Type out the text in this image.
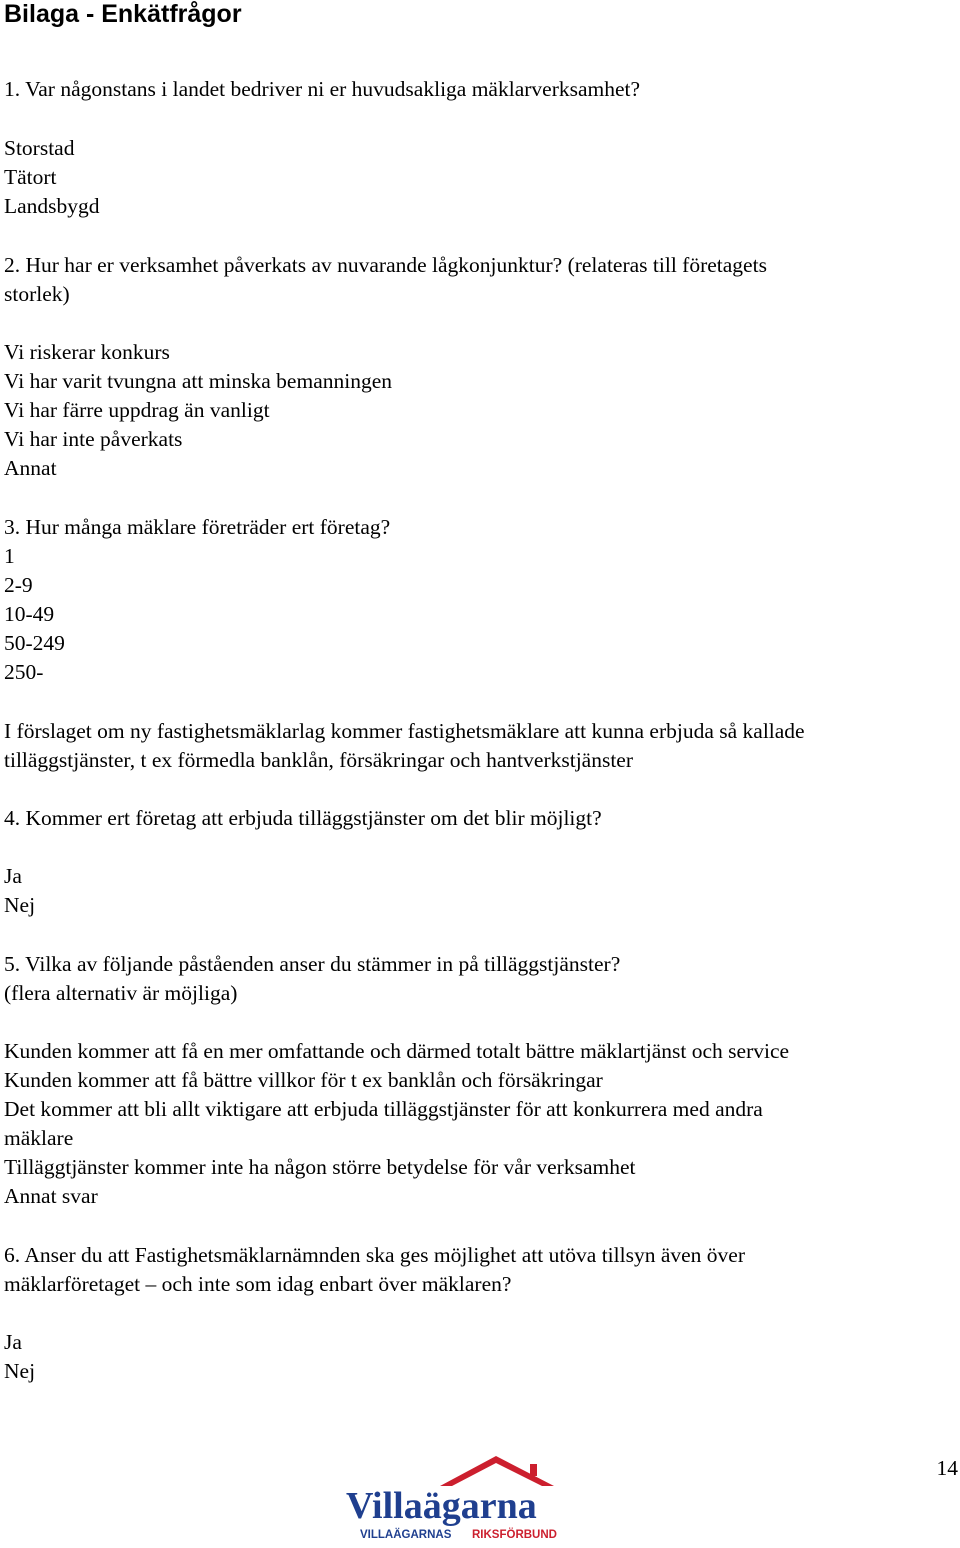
Bilaga - Enkätfrågor
1. Var någonstans i landet bedriver ni er huvudsakliga mäklarverksamhet?
Storstad
Tätort
Landsbygd
2. Hur har er verksamhet påverkats av nuvarande lågkonjunktur? (relateras till företagets
storlek)
Vi riskerar konkurs
Vi har varit tvungna att minska bemanningen
Vi har färre uppdrag än vanligt
Vi har inte påverkats
Annat
3. Hur många mäklare företräder ert företag?
1
2-9
10-49
50-249
250-
I förslaget om ny fastighetsmäklarlag kommer fastighetsmäklare att kunna erbjuda så kallade
tilläggstjänster, t ex förmedla banklån, försäkringar och hantverkstjänster
4. Kommer ert företag att erbjuda tilläggstjänster om det blir möjligt?
Ja
Nej
5. Vilka av följande påståenden anser du stämmer in på tilläggstjänster?
(flera alternativ är möjliga)
Kunden kommer att få en mer omfattande och därmed totalt bättre mäklartjänst och service
Kunden kommer att få bättre villkor för t ex banklån och försäkringar
Det kommer att bli allt viktigare att erbjuda tilläggstjänster för att konkurrera med andra
mäklare
Tilläggtjänster kommer inte ha någon större betydelse för vår verksamhet
Annat svar
6. Anser du att Fastighetsmäklarnämnden ska ges möjlighet att utöva tillsyn även över
mäklarföretaget – och inte som idag enbart över mäklaren?
Ja
Nej
14
Villaägarna
VILLAÄGARNAS RIKSFÖRBUND
